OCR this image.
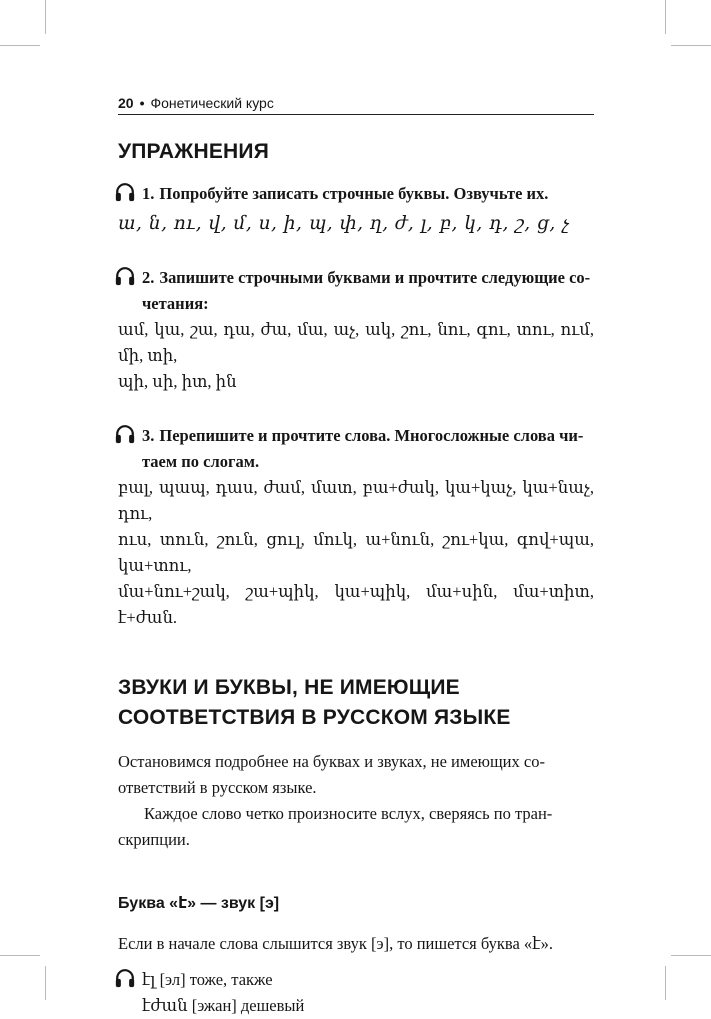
20 • Фонетический курс
УПРАЖНЕНИЯ
1. Попробуйте записать строчные буквы. Озвучьте их.
ա, ն, ու, վ, մ, ս, ի, պ, փ, ղ, ժ, լ, բ, կ, դ, շ, ց, չ
2. Запишите строчными буквами и прочтите следующие со-
четания:

ամ, կա, շա, դա, ժա, մա, աչ, ակ, շու, նու, գու, տու, ում, մի, տի,

պի, սի, իտ, ին

3. Перепишите и прочтите слова. Многосложные слова чи-
таем по слогам.

բալ, պապ, դաս, ժամ, մատ, բա+ժակ, կա+կաչ, կա+նաչ, դու,

ուս, տուն, շուն, ցուլ, մուկ, ա+նուն, շու+կա, գով+պա, կա+տու,

մա+նու+շակ, շա+պիկ, կա+պիկ, մա+սին, մա+տիտ, է+ժան.

ЗВУКИ И БУКВЫ, НЕ ИМЕЮЩИЕ
СООТВЕТСТВИЯ В РУССКОМ ЯЗЫКЕ

Остановимся подробнее на буквах и звуках, не имеющих со-

ответствий в русском языке.

Каждое слово четко произносите вслух, сверяясь по тран-

скрипции.

Буква «է» — звук [э]

Если в начале слова слышится звук [э], то пишется буква «է».

էլ [эл] тоже, также
էժան [эжан] дешевый
